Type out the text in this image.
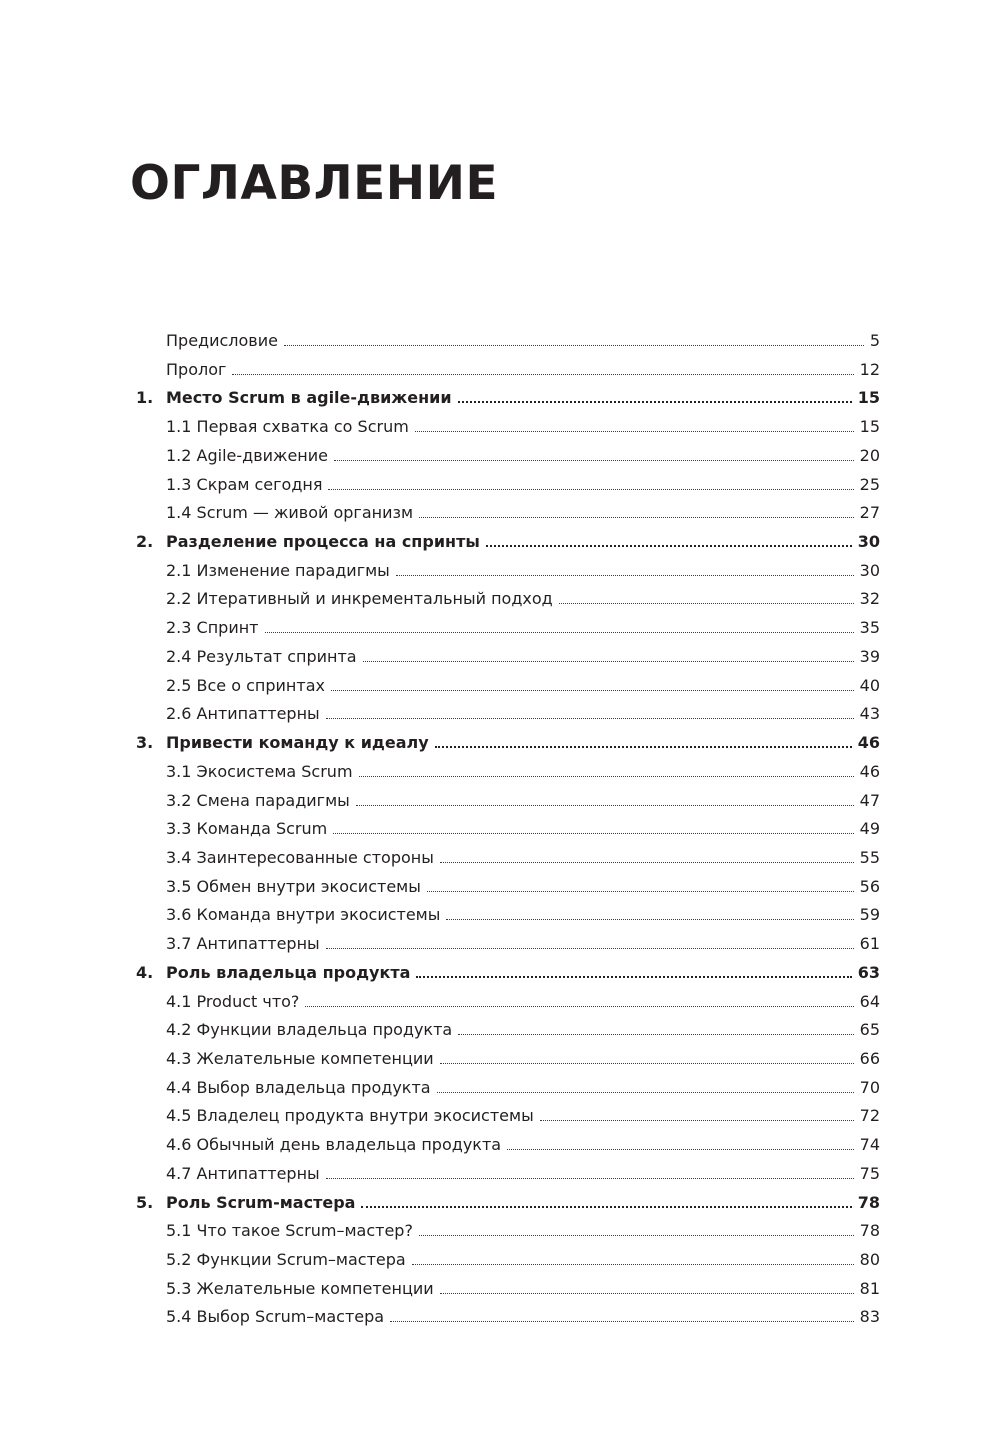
ОГЛАВЛЕНИЕ
Предисловие	5
Пролог	12
1. Место Scrum в agile-движении	15
1.1 Первая схватка со Scrum	15
1.2 Agile-движение	20
1.3 Скрам сегодня	25
1.4 Scrum — живой организм	27
2. Разделение процесса на спринты	30
2.1 Изменение парадигмы	30
2.2 Итеративный и инкрементальный подход	32
2.3 Спринт	35
2.4 Результат спринта	39
2.5 Все о спринтах	40
2.6 Антипаттерны	43
3. Привести команду к идеалу	46
3.1 Экосистема Scrum	46
3.2 Смена парадигмы	47
3.3 Команда Scrum	49
3.4 Заинтересованные стороны	55
3.5 Обмен внутри экосистемы	56
3.6 Команда внутри экосистемы	59
3.7 Антипаттерны	61
4. Роль владельца продукта	63
4.1 Product что?	64
4.2 Функции владельца продукта	65
4.3 Желательные компетенции	66
4.4 Выбор владельца продукта	70
4.5 Владелец продукта внутри экосистемы	72
4.6 Обычный день владельца продукта	74
4.7 Антипаттерны	75
5. Роль Scrum-мастера	78
5.1 Что такое Scrum–мастер?	78
5.2 Функции Scrum–мастера	80
5.3 Желательные компетенции	81
5.4 Выбор Scrum–мастера	83
